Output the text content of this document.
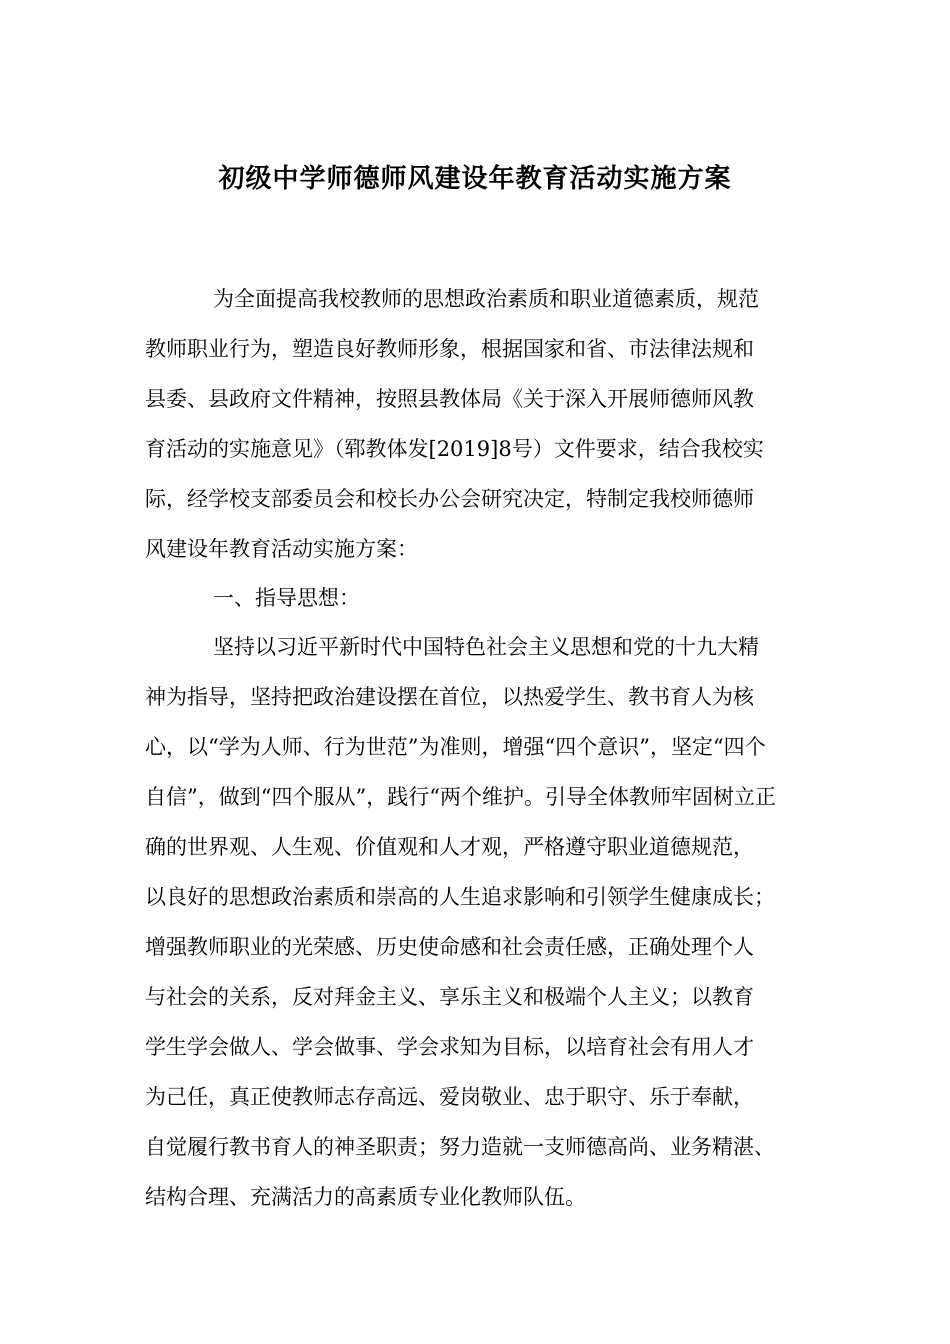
初级中学师德师风建设年教育活动实施方案

为全面提高我校教师的思想政治素质和职业道德素质，规范

教师职业行为，塑造良好教师形象，根据国家和省、市法律法规和

县委、县政府文件精神，按照县教体局《关于深入开展师德师风教

育活动的实施意见》（郓教体发[2019]8号）文件要求，结合我校实

际，经学校支部委员会和校长办公会研究决定，特制定我校师德师

风建设年教育活动实施方案：

一、指导思想：

坚持以习近平新时代中国特色社会主义思想和党的十九大精

神为指导，坚持把政治建设摆在首位，以热爱学生、教书育人为核

心，以“学为人师、行为世范”为准则，增强“四个意识”，坚定“四个

自信”，做到“四个服从”，践行“两个维护。引导全体教师牢固树立正

确的世界观、人生观、价值观和人才观，严格遵守职业道德规范，

以良好的思想政治素质和崇高的人生追求影响和引领学生健康成长；

增强教师职业的光荣感、历史使命感和社会责任感，正确处理个人

与社会的关系，反对拜金主义、享乐主义和极端个人主义；以教育

学生学会做人、学会做事、学会求知为目标，以培育社会有用人才

为己任，真正使教师志存高远、爱岗敬业、忠于职守、乐于奉献，

自觉履行教书育人的神圣职责；努力造就一支师德高尚、业务精湛、

结构合理、充满活力的高素质专业化教师队伍。
